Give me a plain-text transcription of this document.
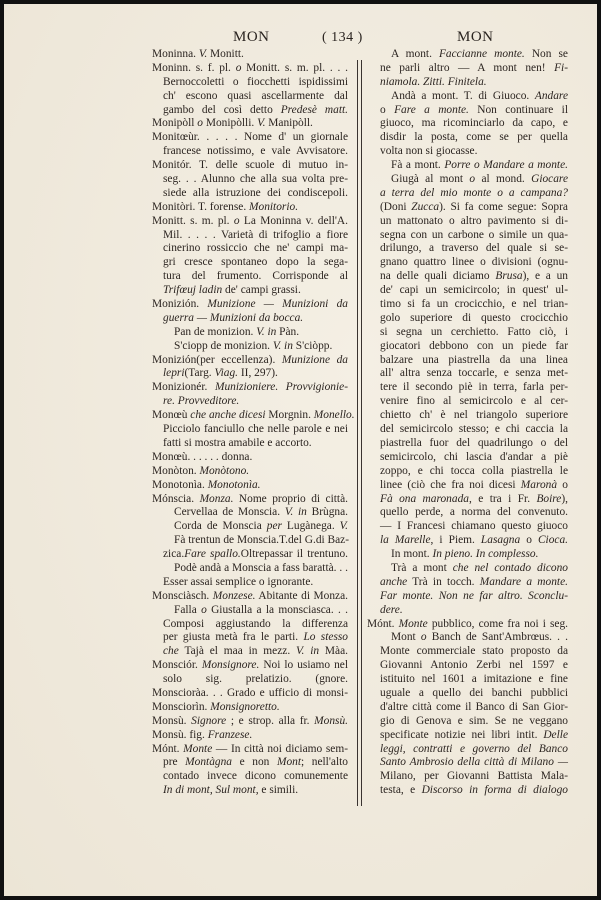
MON	( 134 )	MON
Moninna. V. Monitt.
Moninn. s. f. pl. o Monitt. s. m. pl. . . .
Bernoccoletti o fiocchetti ispidissimi
ch' escono quasi ascellarmente dal
gambo del così detto Predesè matt.
Monipòll o Monipòlli. V. Manipòll.
Monitœùr. . . . . Nome d' un giornale
francese notissimo, e vale Avvisatore.
Monitór. T. delle scuole di mutuo in-
seg. . . Alunno che alla sua volta pre-
siede alla istruzione dei condiscepoli.
Monitòri. T. forense. Monitorio.
Monitt. s. m. pl. o La Moninna v. dell'A.
Mil. . . . . Varietà di trifoglio a fiore
cinerino rossiccio che ne' campi ma-
gri cresce spontaneo dopo la sega-
tura del frumento. Corrisponde al
Trifœuj ladin de' campi grassi.
Monizión. Munizione — Munizioni da
guerra — Munizioni da bocca.
Pan de monizion. V. in Pàn.
S'ciopp de monizion. V. in S'ciòpp.
Monizión(per eccellenza). Munizione da
lepri(Targ. Viag. II, 297).
Monizionér. Munizioniere. Provvigionie-
re. Provveditore.
Monœù che anche dicesi Morgnin. Monello.
Picciolo fanciullo che nelle parole e nei
fatti si mostra amabile e accorto.
Monœù. . . . . . donna.
Monòton. Monòtono.
Monotonìa. Monotonìa.
Mónscia. Monza. Nome proprio di città.
Cervellaa de Monscia. V. in Brùgna.
Corda de Monscia per Lugànega. V.
Fà trentun de Monscia.T.del G.di Baz-
zica.Fare spallo.Oltrepassar il trentuno.
Podè andà a Monscia a fass barattà. . .
Esser assai semplice o ignorante.
Monsciàsch. Monzese. Abitante di Monza.
Falla o Giustalla a la monsciasca. . .
Composi aggiustando la differenza
per giusta metà fra le parti. Lo stesso
che Tajà el maa in mezz. V. in Màa.
Monsciór. Monsignore. Noi lo usiamo nel
solo sig. prelatizio. (gnore.
Monscioràa. . . Grado e ufficio di monsi-
Monsciorìn. Monsignoretto.
Monsù. Signore ; e strop. alla fr. Monsù.
Monsù. fig. Franzese.
Mónt. Monte — In città noi diciamo sem-
pre Montàgna e non Mont; nell'alto
contado invece dicono comunemente
In di mont, Sul mont, e simili.
A mont. Faccianne monte. Non se
ne parli altro — A mont nen! Fi-
niamola. Zitti. Finitela.
Andà a mont. T. di Giuoco. Andare
o Fare a monte. Non continuare il
giuoco, ma ricominciarlo da capo, e
disdir la posta, come se per quella
volta non si giocasse.
Fà a mont. Porre o Mandare a monte.
Giugà al mont o al mond. Giocare
a terra del mio monte o a campana?
(Doni Zucca). Si fa come segue: Sopra
un mattonato o altro pavimento si di-
segna con un carbone o simile un qua-
drilungo, a traverso del quale si se-
gnano quattro linee o divisioni (ognu-
na delle quali diciamo Brusa), e a un
de' capi un semicircolo; in quest' ul-
timo si fa un crocicchio, e nel trian-
golo superiore di questo crocicchio
si segna un cerchietto. Fatto ciò, i
giocatori debbono con un piede far
balzare una piastrella da una linea
all' altra senza toccarle, e senza met-
tere il secondo piè in terra, farla per-
venire fino al semicircolo e al cer-
chietto ch' è nel triangolo superiore
del semicircolo stesso; e chi caccia la
piastrella fuor del quadrilungo o del
semicircolo, chi lascia d'andar a piè
zoppo, e chi tocca colla piastrella le
linee (ciò che fra noi dicesi Maronà o
Fà ona maronada, e tra i Fr. Boire),
quello perde, a norma del convenuto.
— I Francesi chiamano questo giuoco
la Marelle, i Piem. Lasagna o Cioca.
In mont. In pieno. In complesso.
Trà a mont che nel contado dicono
anche Trà in tocch. Mandare a monte.
Far monte. Non ne far altro. Sconclu-
dere.
Mónt. Monte pubblico, come fra noi i seg.
Mont o Banch de Sant'Ambrœus. . .
Monte commerciale stato proposto da
Giovanni Antonio Zerbi nel 1597 e
istituito nel 1601 a imitazione e fine
uguale a quello dei banchi pubblici
d'altre città come il Banco di San Gior-
gio di Genova e sim. Se ne veggano
specificate notizie nei libri intit. Delle
leggi, contratti e governo del Banco
Santo Ambrosio della città di Milano —
Milano, per Giovanni Battista Mala-
testa, e Discorso in forma di dialogo
